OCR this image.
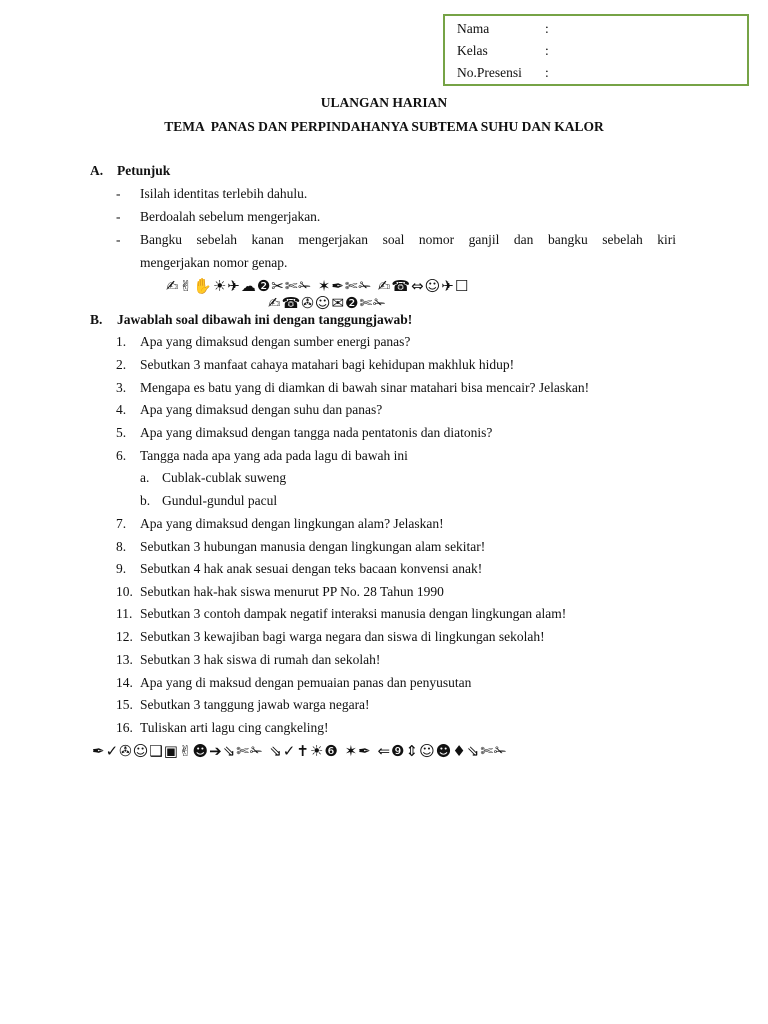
Nama	:
Kelas	:
No.Presensi :
ULANGAN HARIAN
TEMA  PANAS DAN PERPINDAHANYA SUBTEMA SUHU DAN KALOR
A. Petunjuk
- Isilah identitas terlebih dahulu.
- Berdoalah sebelum mengerjakan.
- Bangku sebelah kanan mengerjakan soal nomor ganjil dan bangku sebelah kiri
mengerjakan nomor genap.
✍✌✋☀✈☁❷✂✄✁ ✶✒✄✁ ✍☎⇔☺✈☐
✍☎✇☺✉❷✄✁
B. Jawablah soal dibawah ini dengan tanggungjawab!
1.	Apa yang dimaksud dengan sumber energi panas?
2.	Sebutkan 3 manfaat cahaya matahari bagi kehidupan makhluk hidup!
3.	Mengapa es batu yang di diamkan di bawah sinar matahari bisa mencair? Jelaskan!
4.	Apa yang dimaksud dengan suhu dan panas?
5.	Apa yang dimaksud dengan tangga nada pentatonis dan diatonis?
6.	Tangga nada apa yang ada pada lagu di bawah ini
a. Cublak-cublak suweng
b. Gundul-gundul pacul
7.	Apa yang dimaksud dengan lingkungan alam? Jelaskan!
8.	Sebutkan 3 hubungan manusia dengan lingkungan alam sekitar!
9.	Sebutkan 4 hak anak sesuai dengan teks bacaan konvensi anak!
10. Sebutkan hak-hak siswa menurut PP No. 28 Tahun 1990
11. Sebutkan 3 contoh dampak negatif interaksi manusia dengan lingkungan alam!
12. Sebutkan 3 kewajiban bagi warga negara dan siswa di lingkungan sekolah!
13. Sebutkan 3 hak siswa di rumah dan sekolah!
14. Apa yang di maksud dengan pemuaian panas dan penyusutan
15. Sebutkan 3 tanggung jawab warga negara!
16. Tuliskan arti lagu cing cangkeling!
✒✓✇☺❑▣✌☻➔⇘✄✁ ⇘✓✝☀❻ ✶✒ ⇐❾⇕☺☻♦⇘✄✁
